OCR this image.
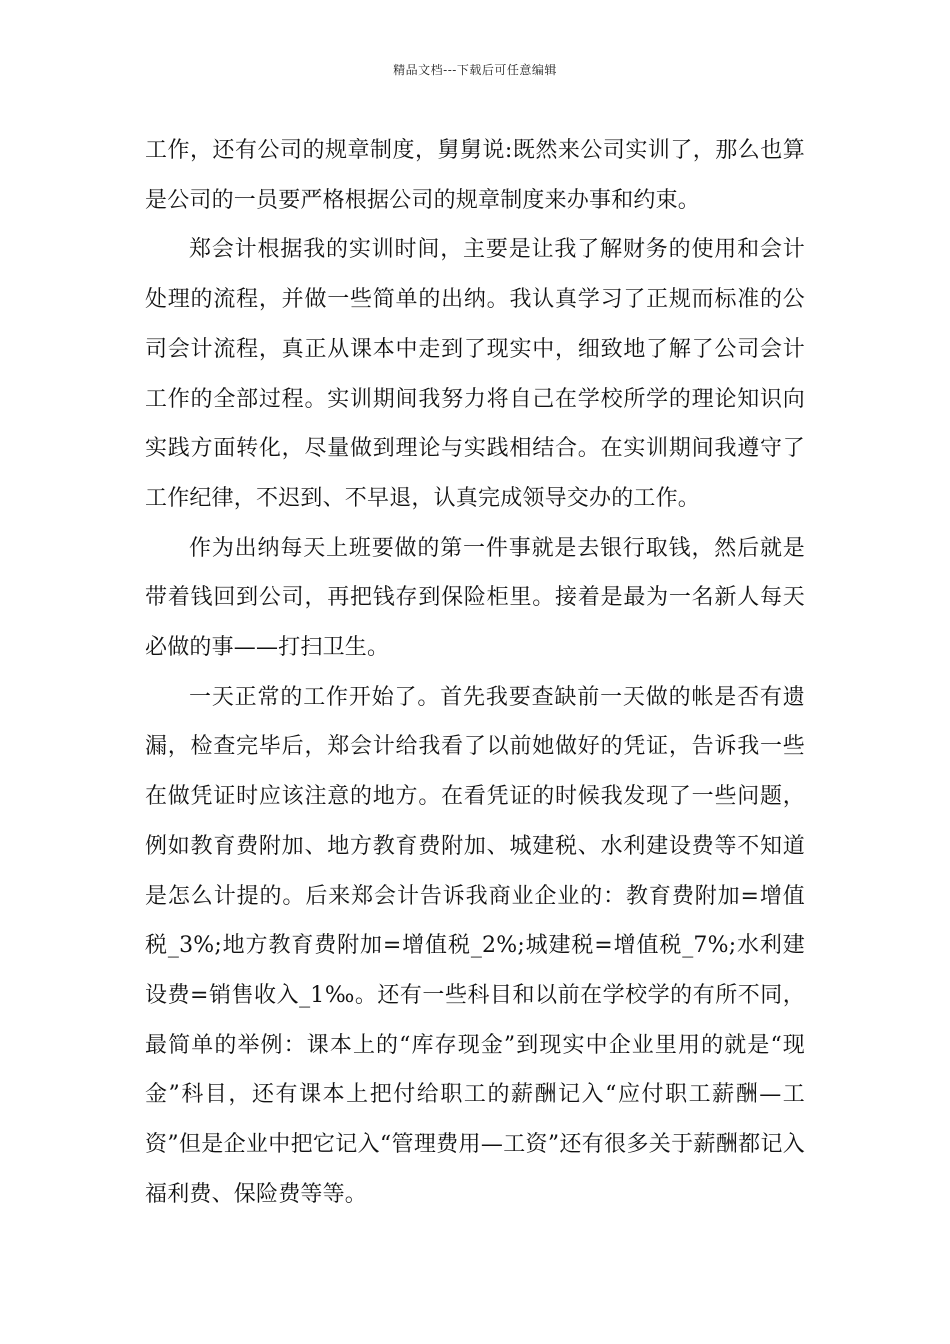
精品文档---下载后可任意编辑

工作，还有公司的规章制度，舅舅说:既然来公司实训了，那么也算是公司的一员要严格根据公司的规章制度来办事和约束。

郑会计根据我的实训时间，主要是让我了解财务的使用和会计处理的流程，并做一些简单的出纳。我认真学习了正规而标准的公司会计流程，真正从课本中走到了现实中，细致地了解了公司会计工作的全部过程。实训期间我努力将自己在学校所学的理论知识向实践方面转化，尽量做到理论与实践相结合。在实训期间我遵守了工作纪律，不迟到、不早退，认真完成领导交办的工作。

作为出纳每天上班要做的第一件事就是去银行取钱，然后就是带着钱回到公司，再把钱存到保险柜里。接着是最为一名新人每天必做的事——打扫卫生。

一天正常的工作开始了。首先我要查缺前一天做的帐是否有遗漏，检查完毕后，郑会计给我看了以前她做好的凭证，告诉我一些在做凭证时应该注意的地方。在看凭证的时候我发现了一些问题，例如教育费附加、地方教育费附加、城建税、水利建设费等不知道是怎么计提的。后来郑会计告诉我商业企业的：教育费附加=增值税_3%;地方教育费附加=增值税_2%;城建税=增值税_7%;水利建设费=销售收入_1‰。还有一些科目和以前在学校学的有所不同，最简单的举例：课本上的“库存现金”到现实中企业里用的就是“现金”科目，还有课本上把付给职工的薪酬记入“应付职工薪酬—工资”但是企业中把它记入“管理费用—工资”还有很多关于薪酬都记入福利费、保险费等等。
